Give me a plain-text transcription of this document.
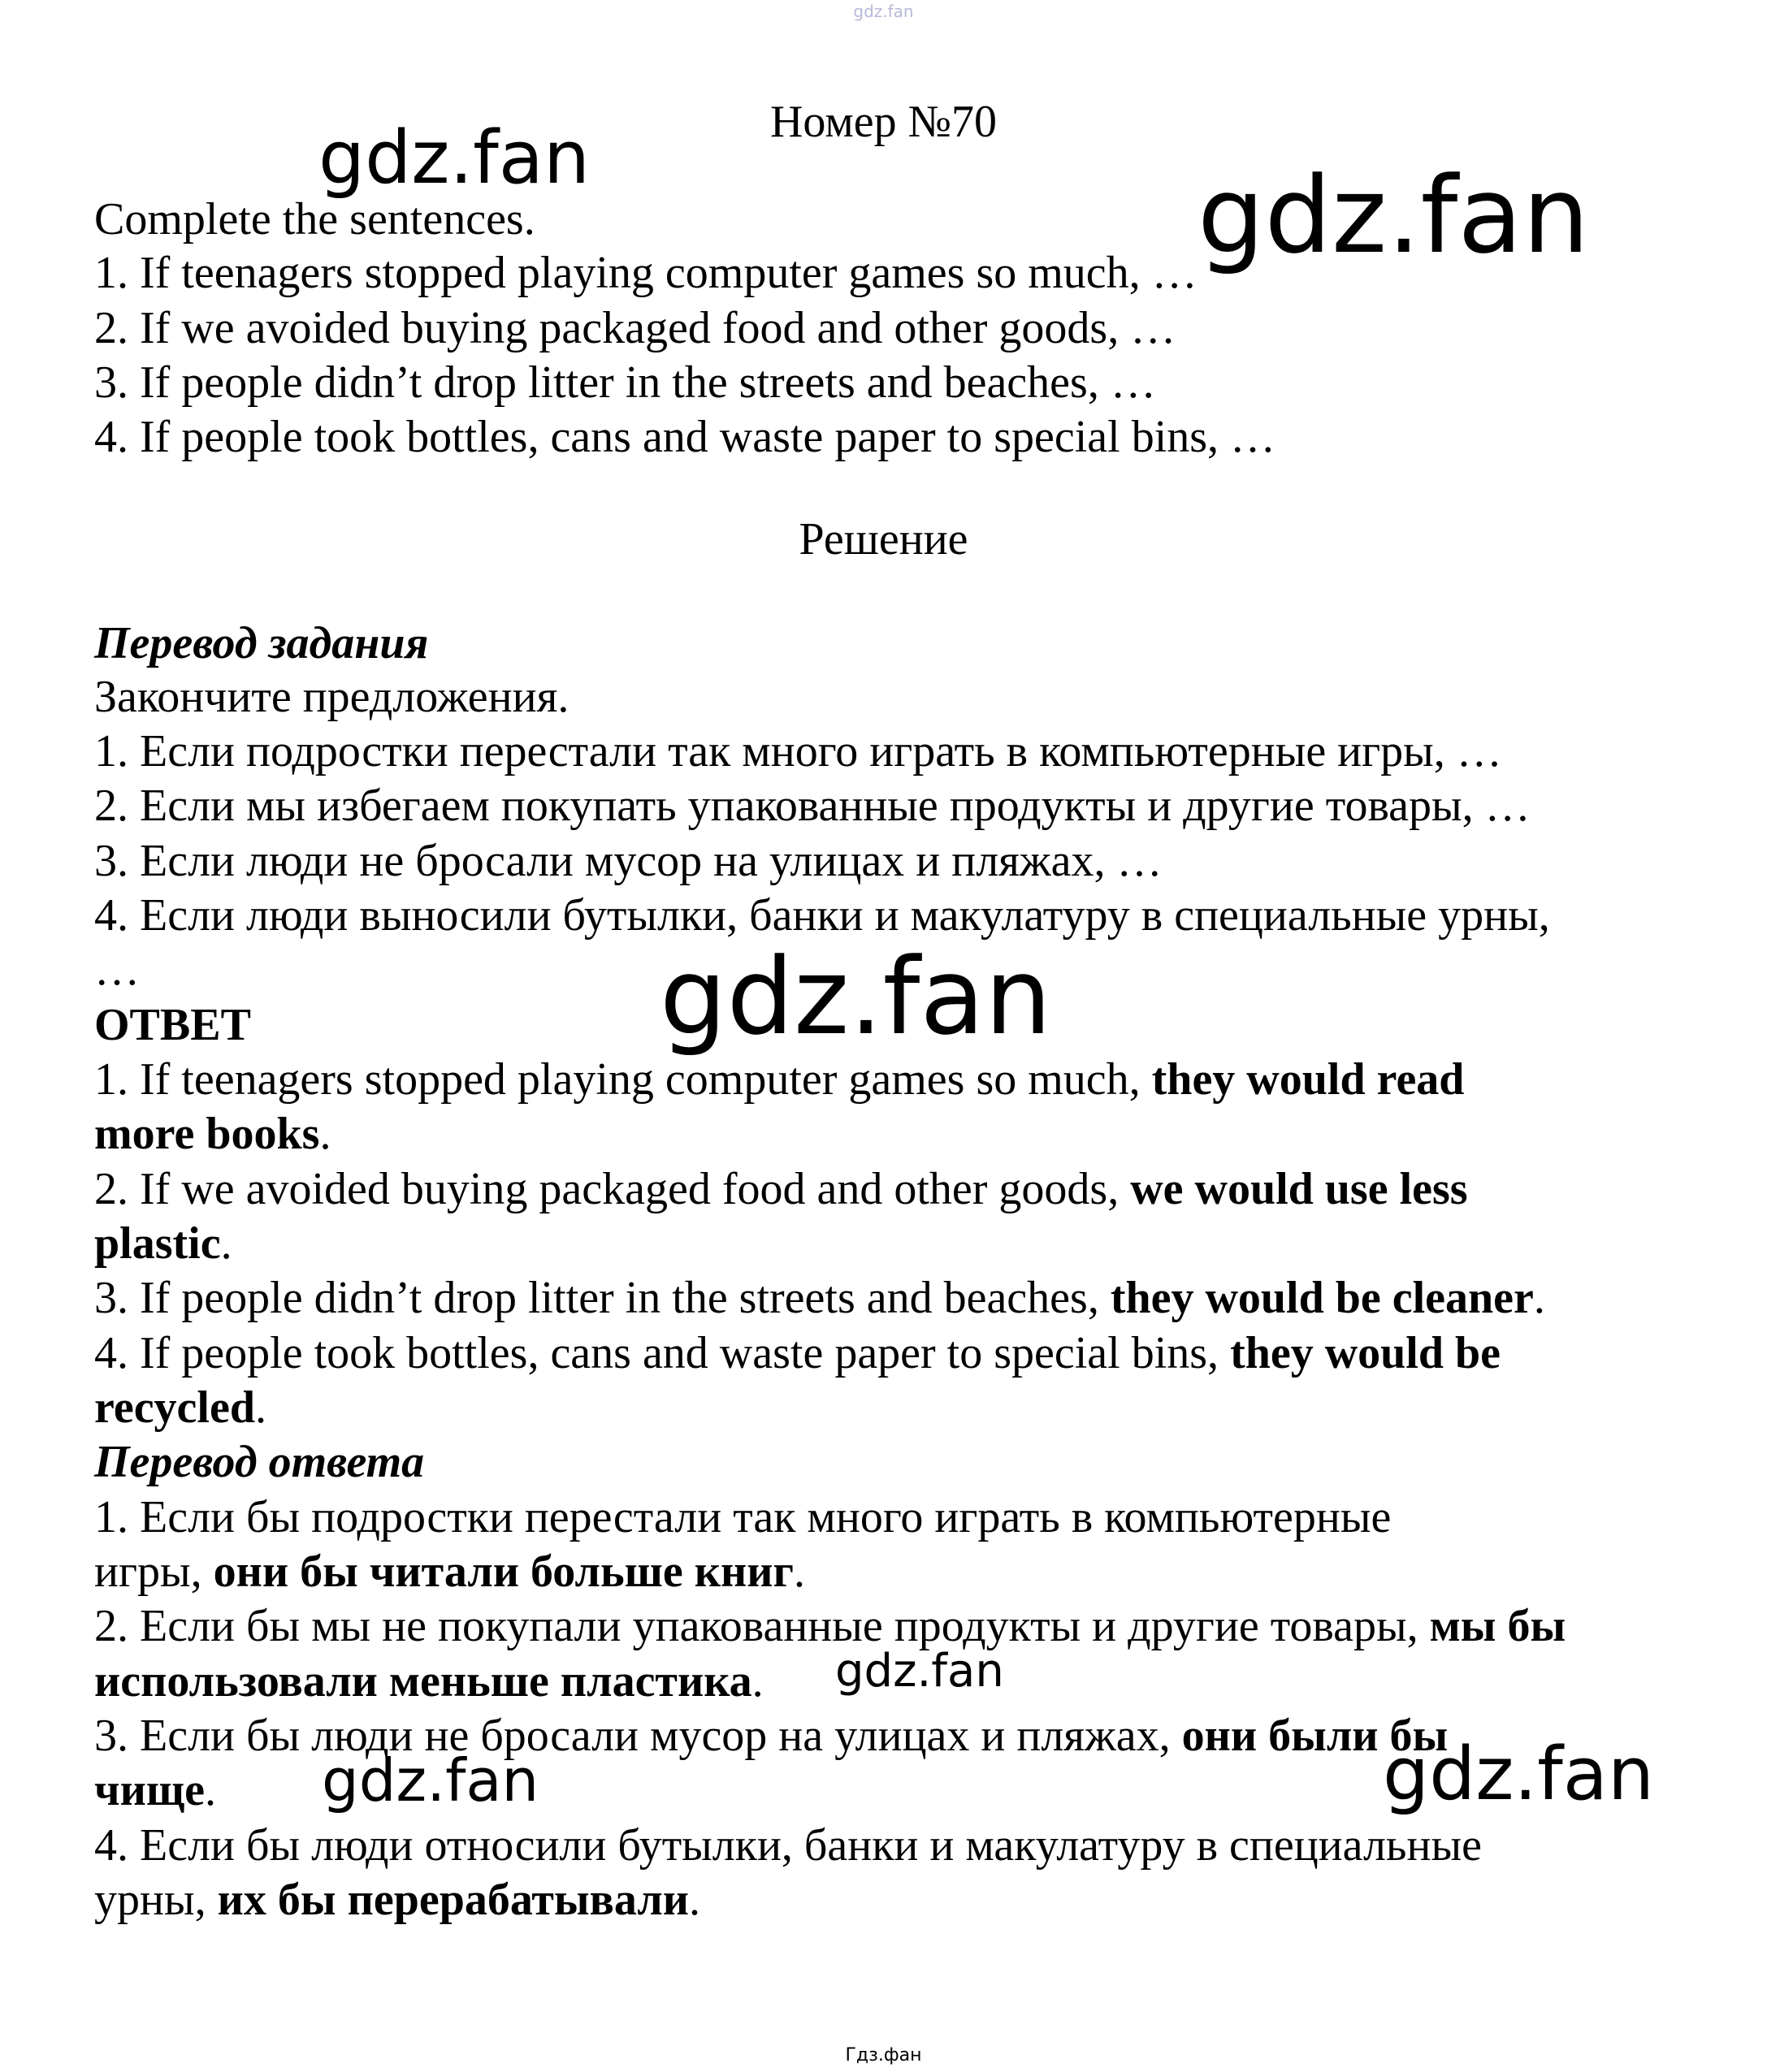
gdz.fan
Номер №70
Complete the sentences.
1. If teenagers stopped playing computer games so much, …
2. If we avoided buying packaged food and other goods, …
3. If people didn’t drop litter in the streets and beaches, …
4. If people took bottles, cans and waste paper to special bins, …
Решение
Перевод задания
Закончите предложения.
1. Если подростки перестали так много играть в компьютерные игры, …
2. Если мы избегаем покупать упакованные продукты и другие товары, …
3. Если люди не бросали мусор на улицах и пляжах, …
4. Если люди выносили бутылки, банки и макулатуру в специальные урны,
…
ОТВЕТ
1. If teenagers stopped playing computer games so much, they would read
more books.
2. If we avoided buying packaged food and other goods, we would use less
plastic.
3. If people didn’t drop litter in the streets and beaches, they would be cleaner.
4. If people took bottles, cans and waste paper to special bins, they would be
recycled.
Перевод ответа
1. Если бы подростки перестали так много играть в компьютерные
игры, они бы читали больше книг.
2. Если бы мы не покупали упакованные продукты и другие товары, мы бы
использовали меньше пластика.
3. Если бы люди не бросали мусор на улицах и пляжах, они были бы
чище.
4. Если бы люди относили бутылки, банки и макулатуру в специальные
урны, их бы перерабатывали.
gdz.fan	gdz.fan
gdz.fan
gdz.fan
gdz.fan	gdz.fan
Гдз.фан
